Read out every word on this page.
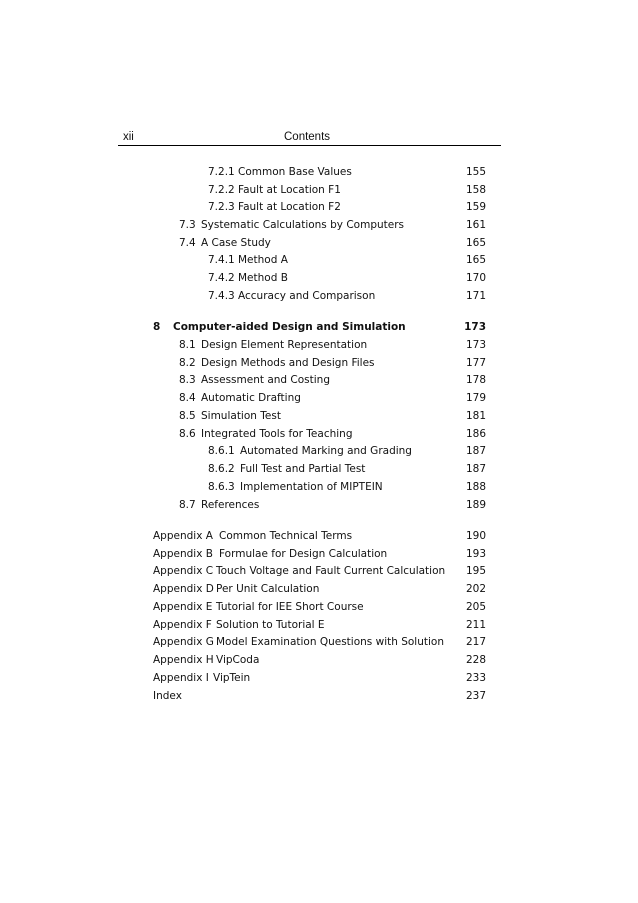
xii	Contents
7.2.1 Common Base Values	155
7.2.2 Fault at Location F1	158
7.2.3 Fault at Location F2	159
7.3 Systematic Calculations by Computers	161
7.4 A Case Study	165
7.4.1 Method A	165
7.4.2 Method B	170
7.4.3 Accuracy and Comparison	171
8 Computer-aided Design and Simulation	173
8.1 Design Element Representation	173
8.2 Design Methods and Design Files	177
8.3 Assessment and Costing	178
8.4 Automatic Drafting	179
8.5 Simulation Test	181
8.6 Integrated Tools for Teaching	186
8.6.1 Automated Marking and Grading	187
8.6.2 Full Test and Partial Test	187
8.6.3 Implementation of MIPTEIN	188
8.7 References	189
Appendix A Common Technical Terms	190
Appendix B Formulae for Design Calculation	193
Appendix C Touch Voltage and Fault Current Calculation 195
Appendix D Per Unit Calculation	202
Appendix E Tutorial for IEE Short Course	205
Appendix F Solution to Tutorial E	211
Appendix G Model Examination Questions with Solution 217
Appendix H VipCoda	228
Appendix I VipTein	233
Index	237
